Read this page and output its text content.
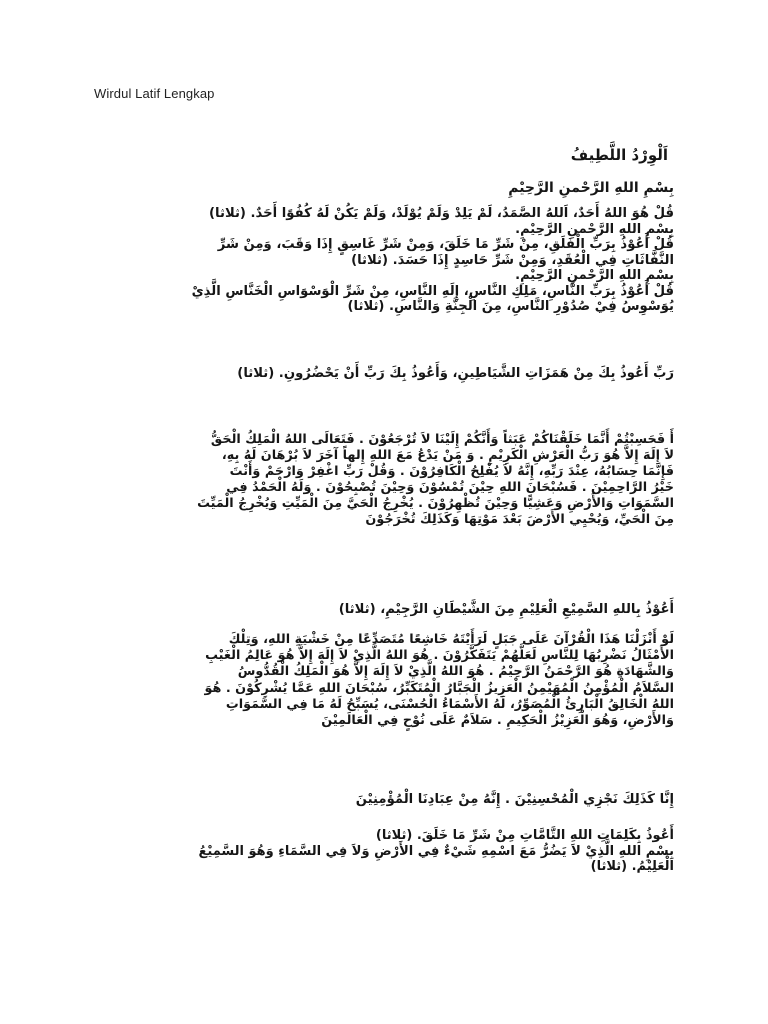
Wirdul Latif Lengkap

اَلْوِرْدُ اللَّطِيفُ

بِسْمِ اللهِ الرَّحْمنِ الرَّحِيْمِ

قُلْ هُوَ اللهُ أَحَدٌ، اَللهُ الصَّمَدُ، لَمْ يَلِدْ وَلَمْ يُوْلَدْ، وَلَمْ يَكُنْ لَهُ كُفُوًا أَحَدٌ. (ثلاثا)
بِسْمِ اللهِ الرَّحْمنِ الرَّحِيْمِ.
قُلْ أَعُوْذُ بِرَبِّ الْفَلَقِ، مِنْ شَرِّ مَا خَلَقَ، وَمِنْ شَرِّ غَاسِقٍ إِذَا وَقَبَ، وَمِنْ شَرِّ
النَّفَّاثَاتِ فِي الْعُقَدِ، وَمِنْ شَرِّ حَاسِدٍ إِذَا حَسَدَ. (ثلاثا)
بِسْمِ اللهِ الرَّحْمنِ الرَّحِيْمِ.
قُلْ أَعُوْذُ بِرَبِّ النَّاسِ، مَلِكِ النَّاسِ، إِلَهِ النَّاسِ، مِنْ شَرِّ الْوَسْوَاسِ الْخَنَّاسِ الَّذِيْ
يُوَسْوِسُ فِيْ صُدُوْرِ النَّاسِ، مِنَ الْجِنَّةِ وَالنَّاسِ. (ثلاثا)

رَبِّ أَعُوذُ بِكَ مِنْ هَمَزَاتِ الشَّيَاطِينِ، وَأَعُوذُ بِكَ رَبِّ أَنْ يَحْضُرُونِ. (ثلاثا)

أَ فَحَسِبْتُمْ أَنَّمَا خَلَقْنَاكُمْ عَبَثاً وَأَنَّكُمْ إِلَيْنَا لاَ تُرْجَعُوْنَ . فَتَعَالَى اللهُ الْمَلِكُ الْحَقُّ
لاَ إِلَهَ إِلاَّ هُوَ رَبُّ الْعَرْشِ الْكَرِيْمِ . وَ مَنْ يَدْعُ مَعَ اللهِ إِلهاً آخَرَ لاَ بُرْهَانَ لَهُ بِهِ،
فَإِنَّمَا حِسَابُهُ، عِنْدَ رَبِّهِ، إِنَّهُ لاَ يُفْلِحُ الْكَافِرُوْنَ . وَقُلْ رَبِّ اغْفِرْ وَارْحَمْ وَأَنْتَ
خَيْرُ الرَّاحِمِيْنَ . فَسُبْحَانَ اللهِ حِيْنَ تُمْسُوْنَ وَحِيْنَ تُصْبِحُوْنَ . وَلَهُ الْحَمْدُ فِي
السَّمَوَاتِ وَالأَرْضِ وَعَشِيًّا وَحِيْنَ تُظْهِرُوْنَ . يُخْرِجُ الْحَيَّ مِنَ الْمَيِّتِ وَيُخْرِجُ الْمَيِّتَ
مِنَ الْحَيِّ، وَيُحْيِي الأَرْضَ بَعْدَ مَوْتِهَا وَكَذَلِكَ تُخْرَجُوْنَ

أَعُوْذُ بِاللهِ السَّمِيْعِ الْعَلِيْمِ مِنَ الشَّيْطَانِ الرَّجِيْمِ، (ثلاثا)

لَوْ أَنْزَلْنَا هَذَا الْقُرْآنَ عَلَى جَبَلٍ لَرَأَيْتَهُ خَاشِعًا مُتَصَدِّعًا مِنْ خَشْيَةِ اللهِ، وَتِلْكَ
الأَمْثَالُ نَضْرِبُهَا لِلنَّاسِ لَعَلَّهُمْ يَتَفَكَّرُوْنَ . هُوَ اللهُ الَّذِيْ لاَ إِلَهَ إِلاَّ هُوَ عَالِمُ الْغَيْبِ
وَالشَّهَادَةِ هُوَ الرَّحْمَنُ الرَّحِيْمُ . هُوَ اللهُ الَّذِيْ لاَ إِلَهَ إِلاَّ هُوَ الْمَلِكُ الْقُدُّوسُ
السَّلاَمُ الْمُؤْمِنُ الْمُهَيْمِنُ الْعَزِيزُ الْجَبَّارُ الْمُتَكَبِّرُ، سُبْحَانَ اللهِ عَمَّا يُشْرِكُوْنَ . هُوَ
اللهُ الْخَالِقُ الْبَارِئُ الْمُصَوِّرُ، لَهُ الأَسْمَاءُ الْحُسْنَى، يُسَبِّحُ لَهُ مَا فِي السَّمَوَاتِ
وَالأَرْضِ، وَهُوَ الْعَزِيْزُ الْحَكِيمِ . سَلاَمٌ عَلَى نُوْحٍ فِي الْعَالَمِيْنَ

إِنَّا كَذَلِكَ نَجْزِي الْمُحْسِنِيْنَ . إِنَّهُ مِنْ عِبَادِنَا الْمُؤْمِنِيْنَ

أَعُوذُ بِكَلِمَاتِ اللهِ التَّامَّاتِ مِنْ شَرِّ مَا خَلَقَ. (ثلاثا)
بِسْمِ اللهِ الَّذِيْ لاَ يَضُرُّ مَعَ اسْمِهِ شَيْءٌ فِي الأَرْضِ وَلاَ فِي السَّمَاءِ وَهُوَ السَّمِيْعُ
الْعَلِيْمُ. (ثلاثا)
